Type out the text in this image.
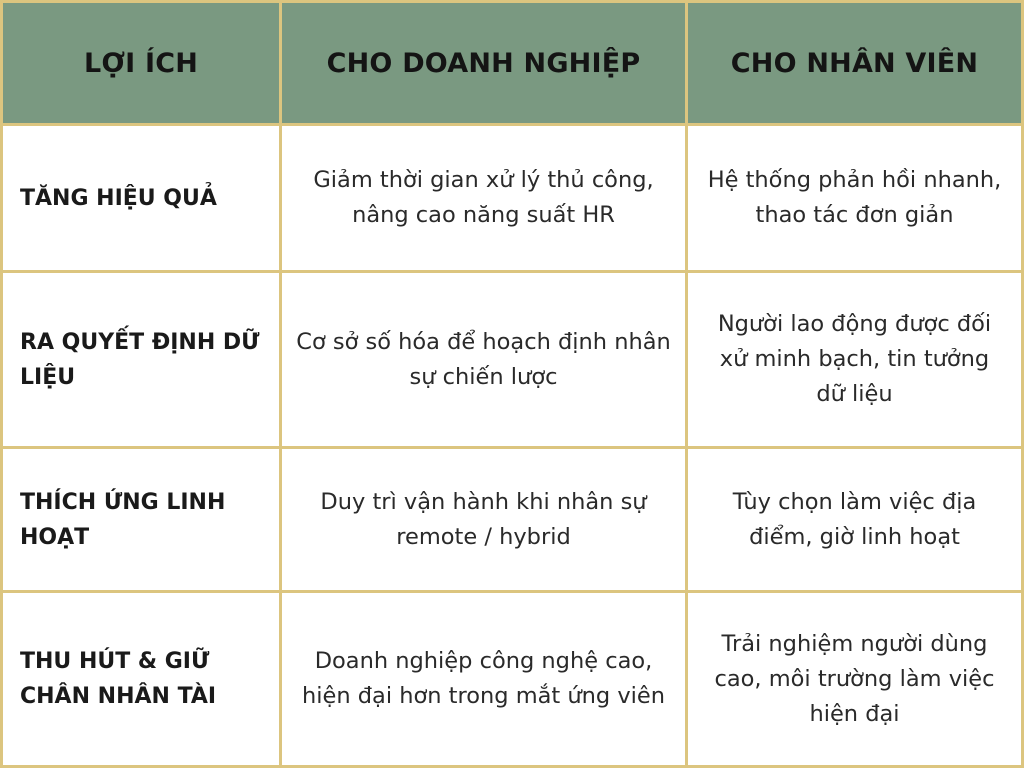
LỢI ÍCH	CHO DOANH NGHIỆP	CHO NHÂN VIÊN
TĂNG HIỆU QUẢ
Giảm thời gian xử lý thủ công, nâng cao năng suất HR
Hệ thống phản hồi nhanh, thao tác đơn giản
RA QUYẾT ĐỊNH DỮ LIỆU
Cơ sở số hóa để hoạch định nhân sự chiến lược
Người lao động được đối xử minh bạch, tin tưởng dữ liệu
THÍCH ỨNG LINH HOẠT
Duy trì vận hành khi nhân sự remote / hybrid
Tùy chọn làm việc địa điểm, giờ linh hoạt
THU HÚT & GIỮ CHÂN NHÂN TÀI
Doanh nghiệp công nghệ cao, hiện đại hơn trong mắt ứng viên
Trải nghiệm người dùng cao, môi trường làm việc hiện đại
